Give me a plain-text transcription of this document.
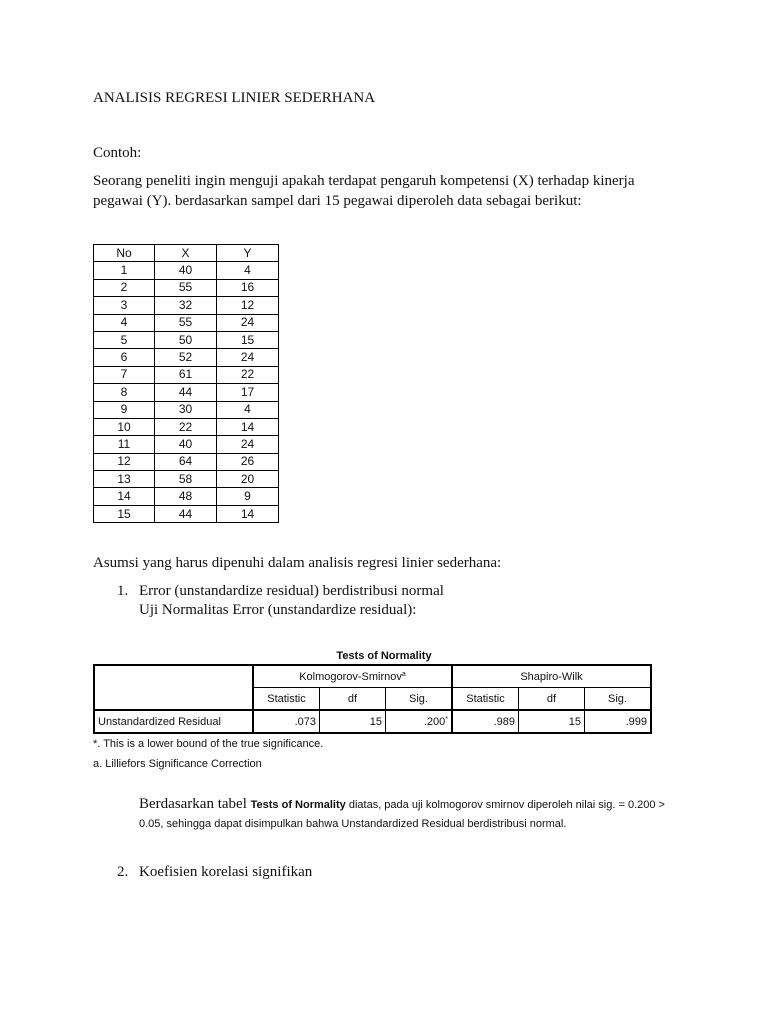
ANALISIS REGRESI LINIER SEDERHANA
Contoh:
Seorang peneliti ingin menguji apakah terdapat pengaruh kompetensi (X) terhadap kinerja pegawai (Y). berdasarkan sampel dari 15 pegawai diperoleh data sebagai berikut:
No	X	Y
1	40	4
2	55	16
3	32	12
4	55	24
5	50	15
6	52	24
7	61	22
8	44	17
9	30	4
10	22	14
11	40	24
12	64	26
13	58	20
14	48	9
15	44	14
Asumsi yang harus dipenuhi dalam analisis regresi linier sederhana:
1. Error (unstandardize residual) berdistribusi normal
Uji Normalitas Error (unstandardize residual):
Tests of Normality
	Kolmogorov-Smirnov$^a$			Shapiro-Wilk		
	Statistic	df	Sig.	Statistic	df	Sig.
Unstandardized Residual	.073	15	.200*	.989	15	.999
*. This is a lower bound of the true significance.
a. Lilliefors Significance Correction
Berdasarkan tabel Tests of Normality diatas, pada uji kolmogorov smirnov diperoleh nilai sig. = 0.200 > 0.05, sehingga dapat disimpulkan bahwa Unstandardized Residual berdistribusi normal.
2. Koefisien korelasi signifikan
